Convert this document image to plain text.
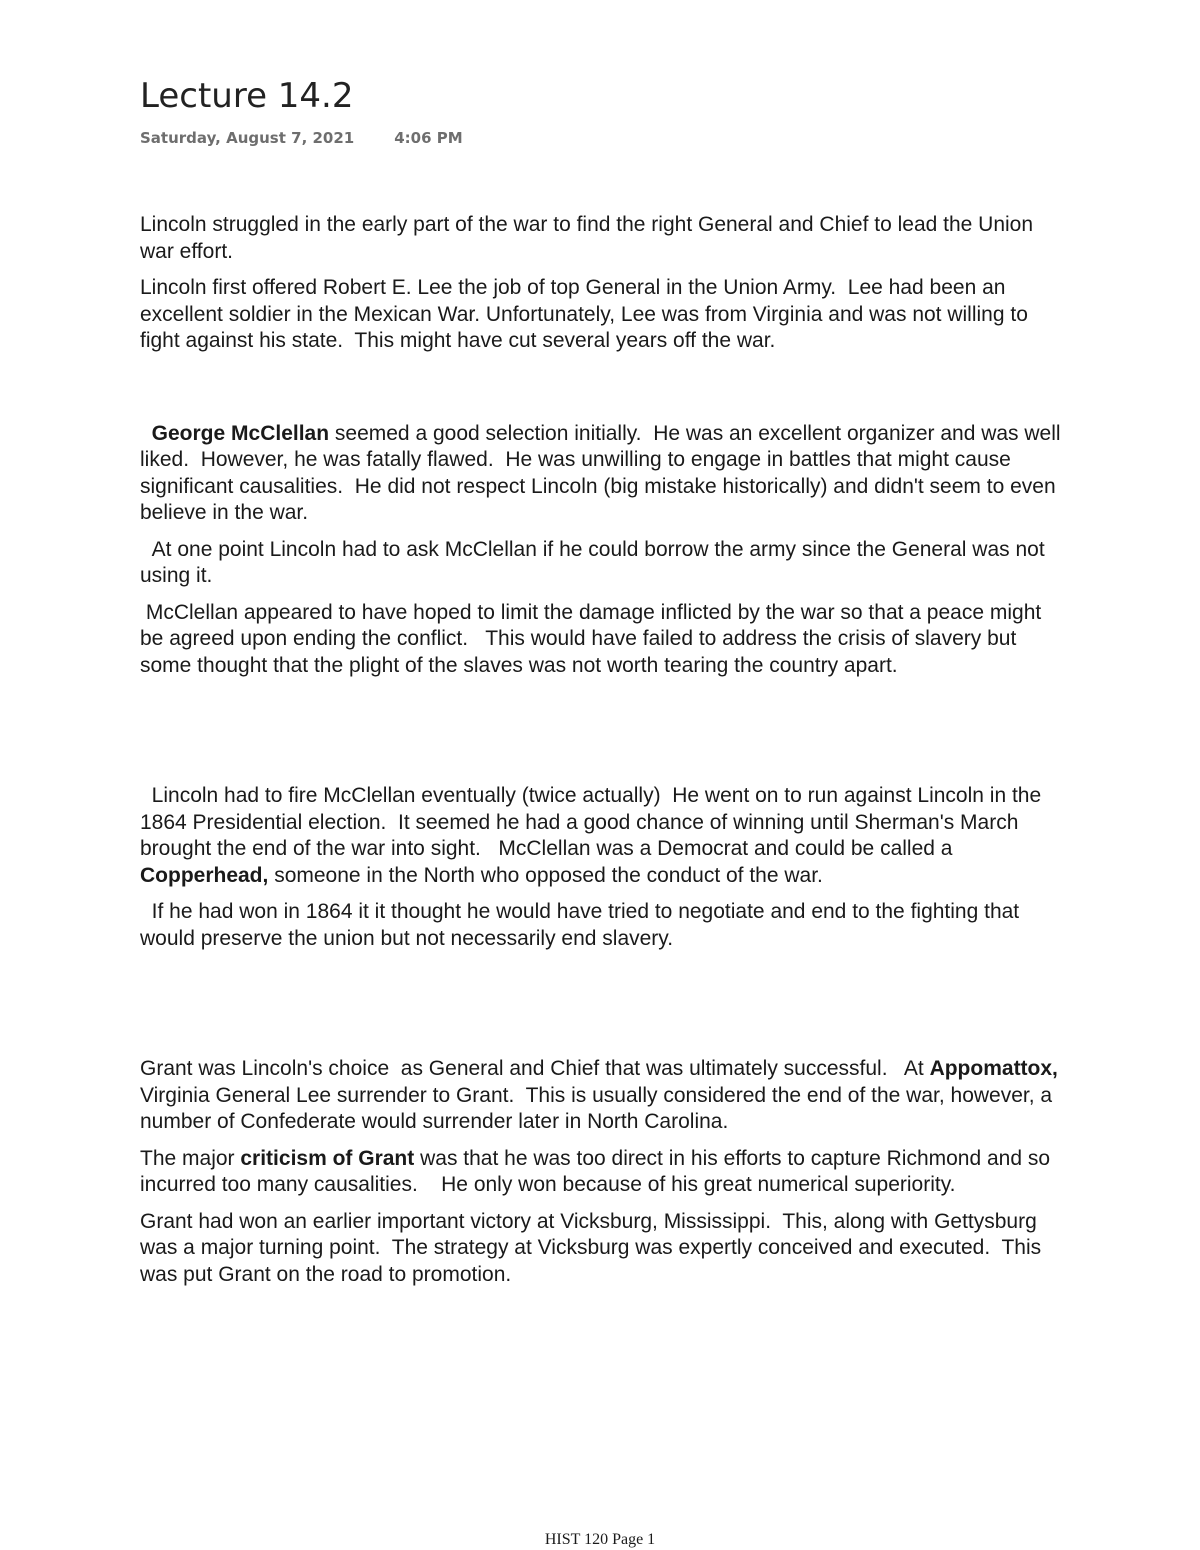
Lecture 14.2
Saturday, August 7, 2021	4:06 PM

Lincoln struggled in the early part of the war to find the right General and Chief to lead the Union war effort.

Lincoln first offered Robert E. Lee the job of top General in the Union Army.  Lee had been an excellent soldier in the Mexican War. Unfortunately, Lee was from Virginia and was not willing to fight against his state.  This might have cut several years off the war.

George McClellan seemed a good selection initially.  He was an excellent organizer and was well liked.  However, he was fatally flawed.  He was unwilling to engage in battles that might cause significant causalities.  He did not respect Lincoln (big mistake historically) and didn't seem to even believe in the war.

At one point Lincoln had to ask McClellan if he could borrow the army since the General was not using it.

McClellan appeared to have hoped to limit the damage inflicted by the war so that a peace might be agreed upon ending the conflict.   This would have failed to address the crisis of slavery but some thought that the plight of the slaves was not worth tearing the country apart.

Lincoln had to fire McClellan eventually (twice actually)  He went on to run against Lincoln in the 1864 Presidential election.  It seemed he had a good chance of winning until Sherman's March brought the end of the war into sight.   McClellan was a Democrat and could be called a  Copperhead, someone in the North who opposed the conduct of the war.

If he had won in 1864 it it thought he would have tried to negotiate and end to the fighting that would preserve the union but not necessarily end slavery.

Grant was Lincoln's choice  as General and Chief that was ultimately successful.   At Appomattox,  Virginia General Lee surrender to Grant.  This is usually considered the end of the war, however, a number of Confederate would surrender later in North Carolina.

The major criticism of Grant was that he was too direct in his efforts to capture Richmond and so incurred too many causalities.    He only won because of his great numerical superiority.

Grant had won an earlier important victory at Vicksburg, Mississippi.  This, along with Gettysburg was a major turning point.  The strategy at Vicksburg was expertly conceived and executed.  This was put Grant on the road to promotion.

HIST 120 Page 1
